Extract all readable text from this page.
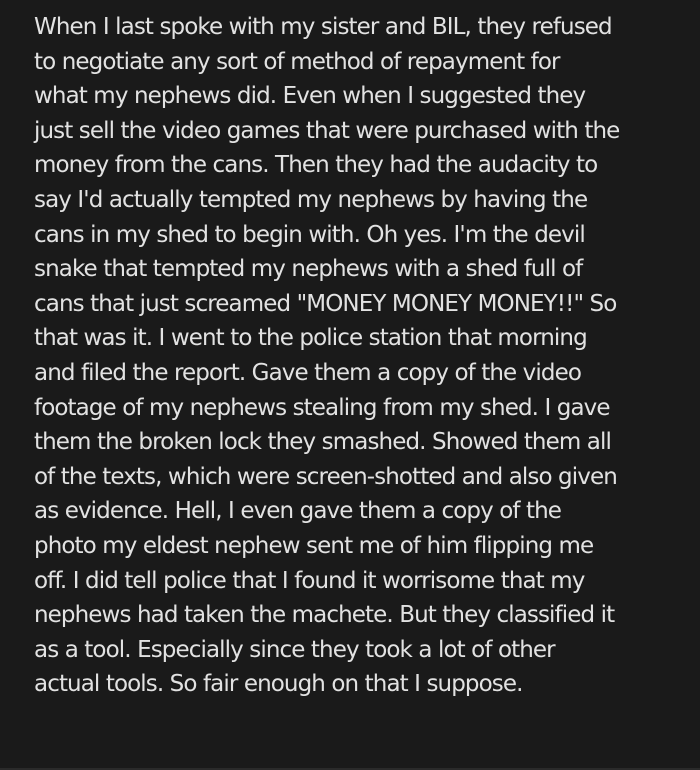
When I last spoke with my sister and BIL, they refused
to negotiate any sort of method of repayment for
what my nephews did. Even when I suggested they
just sell the video games that were purchased with the
money from the cans. Then they had the audacity to
say I'd actually tempted my nephews by having the
cans in my shed to begin with. Oh yes. I'm the devil
snake that tempted my nephews with a shed full of
cans that just screamed "MONEY MONEY MONEY!!" So
that was it. I went to the police station that morning
and filed the report. Gave them a copy of the video
footage of my nephews stealing from my shed. I gave
them the broken lock they smashed. Showed them all
of the texts, which were screen-shotted and also given
as evidence. Hell, I even gave them a copy of the
photo my eldest nephew sent me of him flipping me
off. I did tell police that I found it worrisome that my
nephews had taken the machete. But they classified it
as a tool. Especially since they took a lot of other
actual tools. So fair enough on that I suppose.
